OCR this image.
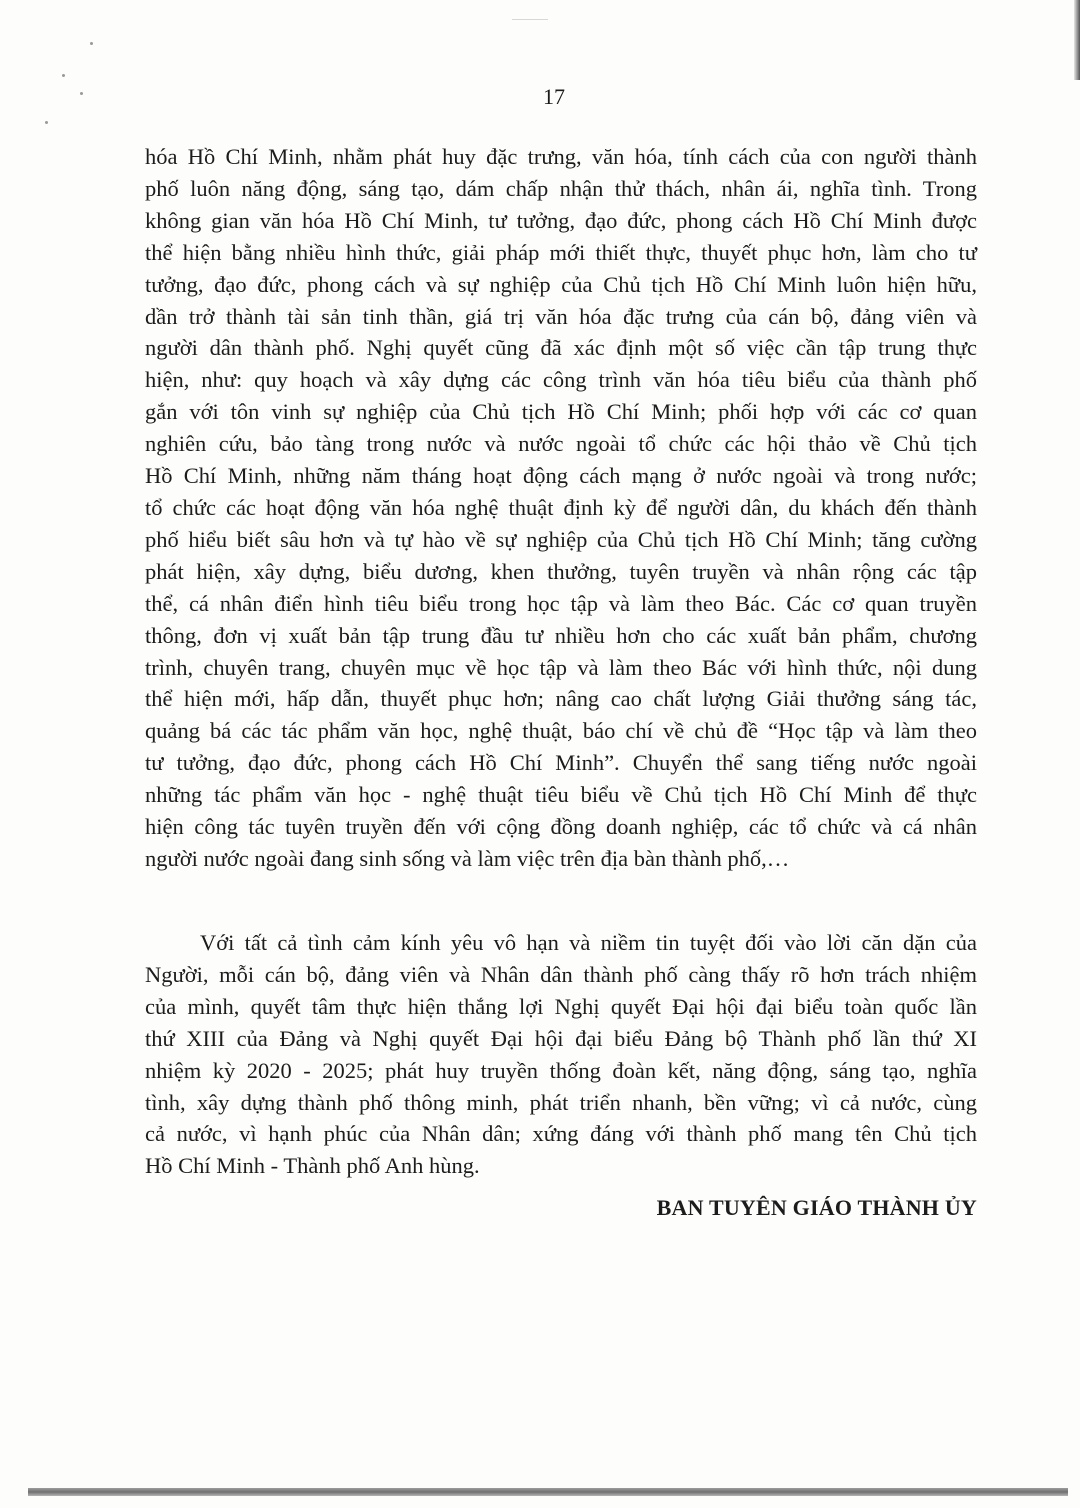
17

hóa Hồ Chí Minh, nhằm phát huy đặc trưng, văn hóa, tính cách của con người thành
phố luôn năng động, sáng tạo, dám chấp nhận thử thách, nhân ái, nghĩa tình. Trong
không gian văn hóa Hồ Chí Minh, tư tưởng, đạo đức, phong cách Hồ Chí Minh được
thể hiện bằng nhiều hình thức, giải pháp mới thiết thực, thuyết phục hơn, làm cho tư
tưởng, đạo đức, phong cách và sự nghiệp của Chủ tịch Hồ Chí Minh luôn hiện hữu,
dần trở thành tài sản tinh thần, giá trị văn hóa đặc trưng của cán bộ, đảng viên và
người dân thành phố. Nghị quyết cũng đã xác định một số việc cần tập trung thực
hiện, như: quy hoạch và xây dựng các công trình văn hóa tiêu biểu của thành phố
gắn với tôn vinh sự nghiệp của Chủ tịch Hồ Chí Minh; phối hợp với các cơ quan
nghiên cứu, bảo tàng trong nước và nước ngoài tổ chức các hội thảo về Chủ tịch
Hồ Chí Minh, những năm tháng hoạt động cách mạng ở nước ngoài và trong nước;
tổ chức các hoạt động văn hóa nghệ thuật định kỳ để người dân, du khách đến thành
phố hiểu biết sâu hơn và tự hào về sự nghiệp của Chủ tịch Hồ Chí Minh; tăng cường
phát hiện, xây dựng, biểu dương, khen thưởng, tuyên truyền và nhân rộng các tập
thể, cá nhân điển hình tiêu biểu trong học tập và làm theo Bác. Các cơ quan truyền
thông, đơn vị xuất bản tập trung đầu tư nhiều hơn cho các xuất bản phẩm, chương
trình, chuyên trang, chuyên mục về học tập và làm theo Bác với hình thức, nội dung
thể hiện mới, hấp dẫn, thuyết phục hơn; nâng cao chất lượng Giải thưởng sáng tác,
quảng bá các tác phẩm văn học, nghệ thuật, báo chí về chủ đề “Học tập và làm theo
tư tưởng, đạo đức, phong cách Hồ Chí Minh”. Chuyển thể sang tiếng nước ngoài
những tác phẩm văn học - nghệ thuật tiêu biểu về Chủ tịch Hồ Chí Minh để thực
hiện công tác tuyên truyền đến với cộng đồng doanh nghiệp, các tổ chức và cá nhân
người nước ngoài đang sinh sống và làm việc trên địa bàn thành phố,…

Với tất cả tình cảm kính yêu vô hạn và niềm tin tuyệt đối vào lời căn dặn của
Người, mỗi cán bộ, đảng viên và Nhân dân thành phố càng thấy rõ hơn trách nhiệm
của mình, quyết tâm thực hiện thắng lợi Nghị quyết Đại hội đại biểu toàn quốc lần
thứ XIII của Đảng và Nghị quyết Đại hội đại biểu Đảng bộ Thành phố lần thứ XI
nhiệm kỳ 2020 - 2025; phát huy truyền thống đoàn kết, năng động, sáng tạo, nghĩa
tình, xây dựng thành phố thông minh, phát triển nhanh, bền vững; vì cả nước, cùng
cả nước, vì hạnh phúc của Nhân dân; xứng đáng với thành phố mang tên Chủ tịch
Hồ Chí Minh - Thành phố Anh hùng.

BAN TUYÊN GIÁO THÀNH ỦY
